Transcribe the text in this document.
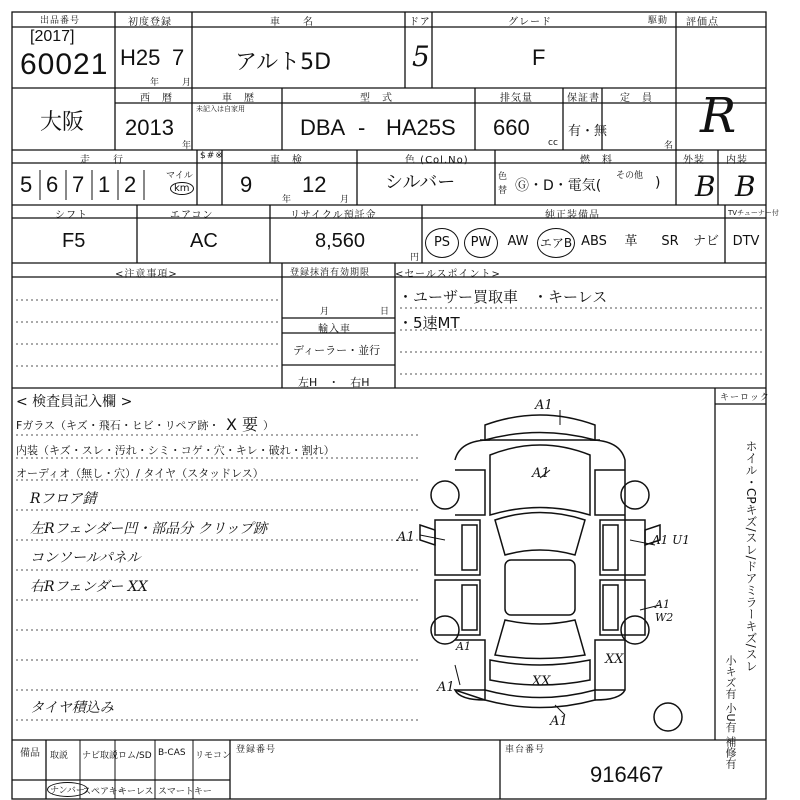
出品番号
[2017]
60021
初度登録
H25 7
年	月
車　　名
アルト5D
ドア
5
グレード
F
駆動 評価点
R
大阪
西　暦
2013
年
車　歴
未記入は自家用
型　式
DBA - HA25S
排気量
660
cc
保証書
有・無
定　員
名
走　　行
5 6 7 1 2	マイル
km
$#※	車　検
9
年
12
月
色 (Col.No)
シルバー	色替
燃　料
Ⓖ・D・電気(
その他 )
外装
B
内装
B
シフト
F5
エアコン
AC
リサイクル預託金
8,560
円
純正装備品	TVチューナー付
PS	PW	AW エアB ABS	革	SR	ナビ	DTV
<注意事項>	登録抹消有効期限
月	日
輸入車
ディーラー・並行
左H　・　右H
<セールスポイント>
・ユーザー買取車　・キーレス
・5速MT
< 検査員記入欄 >
Fガラス（キズ・飛石・ヒビ・リペア跡・ X 要 ）
内装（キズ・スレ・汚れ・シミ・コゲ・穴・キレ・破れ・割れ）
オーディオ（無し・穴）/ タイヤ（スタッドレス）
Rフロア錆
左Rフェンダー凹・部品分 クリップ跡
コンソールパネル
右Rフェンダー XX
タイヤ積込み
A1
A1
A1	A1 U1
A1 W2
A1	XX
XX
A1
A1
キーロック
ホイル・CPキズ/スレ/ドアミラーキズ/スレ
小キズ有 小U有 補修有
備品 取説 ナビ取説 ロム/SD B-CAS リモコン
ナンバー
スペアキー
キーレス スマートキー
登録番号	車台番号
916467
